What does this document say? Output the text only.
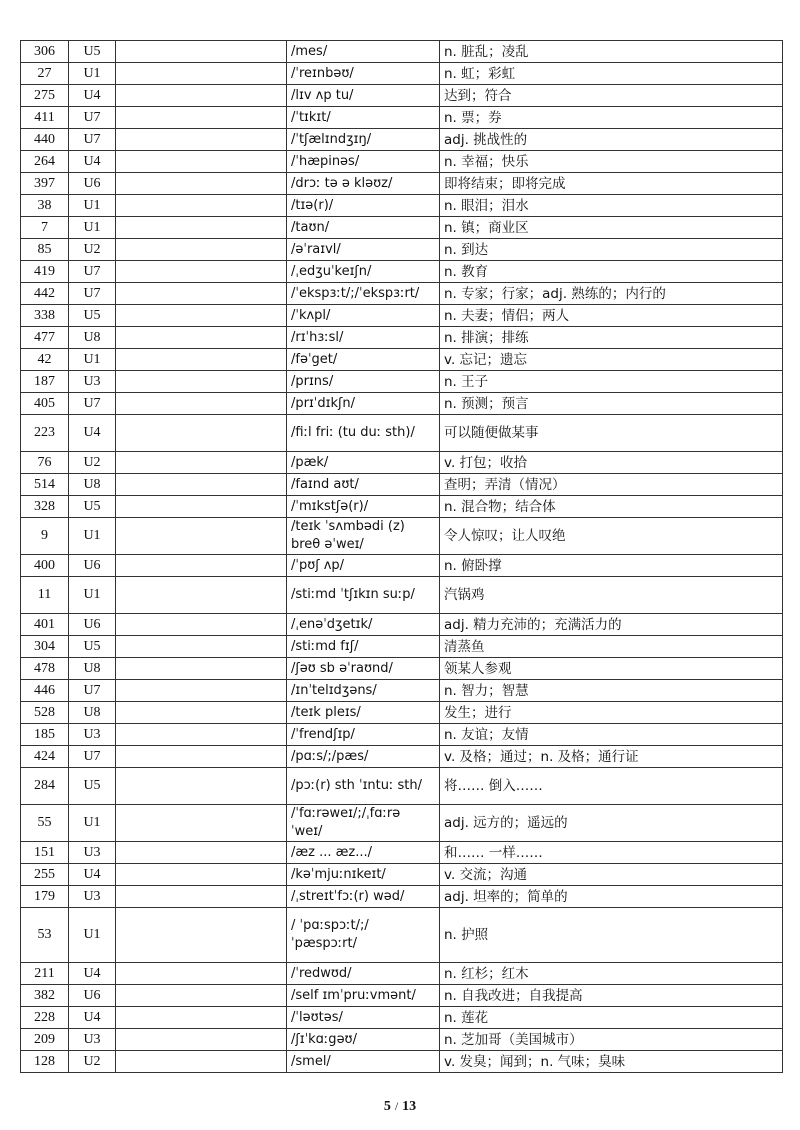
306	U5		/mes/	n. 脏乱；凌乱
27	U1		/ˈreɪnbəʊ/	n. 虹；彩虹
275	U4		/lɪv ʌp tu/	达到；符合
411	U7		/ˈtɪkɪt/	n. 票；券
440	U7		/ˈtʃælɪndʒɪŋ/	adj. 挑战性的
264	U4		/ˈhæpinəs/	n. 幸福；快乐
397	U6		/drɔː tə ə kləʊz/	即将结束；即将完成
38	U1		/tɪə(r)/	n. 眼泪；泪水
7	U1		/taʊn/	n. 镇；商业区
85	U2		/əˈraɪvl/	n. 到达
419	U7		/ˌedʒuˈkeɪʃn/	n. 教育
442	U7		/ˈekspɜːt/;/ˈekspɜːrt/	n. 专家；行家；adj. 熟练的；内行的
338	U5		/ˈkʌpl/	n. 夫妻；情侣；两人
477	U8		/rɪˈhɜːsl/	n. 排演；排练
42	U1		/fəˈget/	v. 忘记；遗忘
187	U3		/prɪns/	n. 王子
405	U7		/prɪˈdɪkʃn/	n. 预测；预言
223	U4		/fiːl friː (tu duː sth)/	可以随便做某事
76	U2		/pæk/	v. 打包；收拾
514	U8		/faɪnd aʊt/	查明；弄清（情况）
328	U5		/ˈmɪkstʃə(r)/	n. 混合物；结合体
9	U1		/teɪk ˈsʌmbədi (z) breθ əˈweɪ/	令人惊叹；让人叹绝
400	U6		/ˈpʊʃ ʌp/	n. 俯卧撑
11	U1		/stiːmd ˈtʃɪkɪn suːp/	汽锅鸡
401	U6		/ˌenəˈdʒetɪk/	adj. 精力充沛的；充满活力的
304	U5		/stiːmd fɪʃ/	清蒸鱼
478	U8		/ʃəʊ sb əˈraʊnd/	领某人参观
446	U7		/ɪnˈtelɪdʒəns/	n. 智力；智慧
528	U8		/teɪk pleɪs/	发生；进行
185	U3		/ˈfrendʃɪp/	n. 友谊；友情
424	U7		/pɑːs/;/pæs/	v. 及格；通过；n. 及格；通行证
284	U5		/pɔː(r) sth ˈɪntuː sth/	将…… 倒入……
55	U1		/ˈfɑːrəweɪ/;/ˌfɑːrə ˈweɪ/	adj. 远方的；遥远的
151	U3		/æz ... æz.../	和…… 一样……
255	U4		/kəˈmjuːnɪkeɪt/	v. 交流；沟通
179	U3		/ˌstreɪtˈfɔː(r) wəd/	adj. 坦率的；简单的
53	U1		/ ˈpɑːspɔːt/;/ ˈpæspɔːrt/	n. 护照
211	U4		/ˈredwʊd/	n. 红杉；红木
382	U6		/self ɪmˈpruːvmənt/	n. 自我改进；自我提高
228	U4		/ˈləʊtəs/	n. 莲花
209	U3		/ʃɪˈkɑːgəʊ/	n. 芝加哥（美国城市）
128	U2		/smel/	v. 发臭；闻到；n. 气味；臭味
5 / 13
